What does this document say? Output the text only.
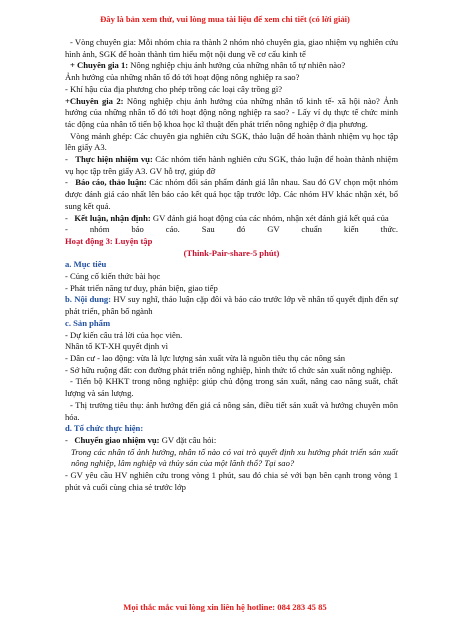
Đây là bản xem thử, vui lòng mua tài liệu để xem chi tiết (có lời giải)

- Vòng chuyên gia: Mỗi nhóm chia ra thành 2 nhóm nhỏ chuyên gia, giao nhiệm vụ nghiên cứu hình ảnh, SGK để hoàn thành tìm hiểu một nội dung về cơ cấu kinh tế

+ Chuyên gia 1: Nông nghiệp chịu ảnh hưởng của những nhân tố tự nhiên nào?

Ảnh hưởng của những nhân tố đó tới hoạt động nông nghiệp ra sao?

- Khí hậu của địa phương cho phép trồng các loại cây trồng gì?

+Chuyên gia 2: Nông nghiệp chịu ảnh hưởng của những nhân tố kinh tế- xã hội nào? Ảnh hưởng của những nhân tố đó tới hoạt động nông nghiệp ra sao? - Lấy ví dụ thực tế chức minh tác động của nhân tố tiến bộ khoa học kĩ thuật đến phát triển nông nghiệp ở địa phương.

Vòng mảnh ghép: Các chuyên gia nghiên cứu SGK, thảo luận để hoàn thành nhiệm vụ học tập lên giấy A3.

-   Thực hiện nhiệm vụ: Các nhóm tiến hành nghiên cứu SGK, thảo luận để hoàn thành nhiệm vụ học tập trên giấy A3. GV hỗ trợ, giúp đỡ

-   Báo cáo, thảo luận: Các nhóm đổi sản phẩm đánh giá lẫn nhau. Sau đó GV chọn một nhóm được đánh giá cáo nhất lên báo cáo kết quả học tập trước lớp. Các nhóm HV khác nhận xét, bổ sung kết quả.

-   Kết luận, nhận định: GV đánh giá hoạt động của các nhóm, nhận xét đánh giá kết quả của

- nhóm báo cáo. Sau đó GV chuẩn kiến thức.

Hoạt động 3: Luyện tập

(Think-Pair-share-5 phút)

a. Mục tiêu

- Củng cố kiến thức bài học

- Phát triển năng tư duy, phản biện, giao tiếp

b. Nội dung: HV suy nghĩ, thảo luận cặp đôi và báo cáo trước lớp về nhân tố quyết định đến sự phát triển, phân bố ngành

c. Sản phẩm

- Dự kiến câu trả lời của học viên.

Nhân tố KT-XH quyết định vì

- Dân cư - lao động: vừa là lực lượng sản xuất vừa là nguồn tiêu thụ các nông sản

- Sở hữu ruộng đất: con đường phát triển nông nghiệp, hình thức tổ chức sản xuất nông nghiệp.

- Tiến bộ KHKT trong nông nghiệp: giúp chủ động trong sản xuất, nâng cao năng suất, chất lượng và sản lượng.

- Thị trường tiêu thụ: ảnh hưởng đến giá cả nông sản, điều tiết sản xuất và hướng chuyên môn hóa.

d. Tổ chức thực hiện:

-   Chuyển giao nhiệm vụ: GV đặt câu hỏi:

Trong các nhân tố ảnh hưởng, nhân tố nào có vai trò quyết định xu hướng phát triển sản xuất nông nghiệp, lâm nghiệp và thủy sản của một lãnh thổ? Tại sao?

- GV yêu cầu HV nghiên cứu trong vòng 1 phút, sau đó chia sẻ với bạn bên cạnh trong vòng 1 phút và cuối cùng chia sẻ trước lớp

Mọi thắc mắc vui lòng xin liên hệ hotline: 084 283 45 85
